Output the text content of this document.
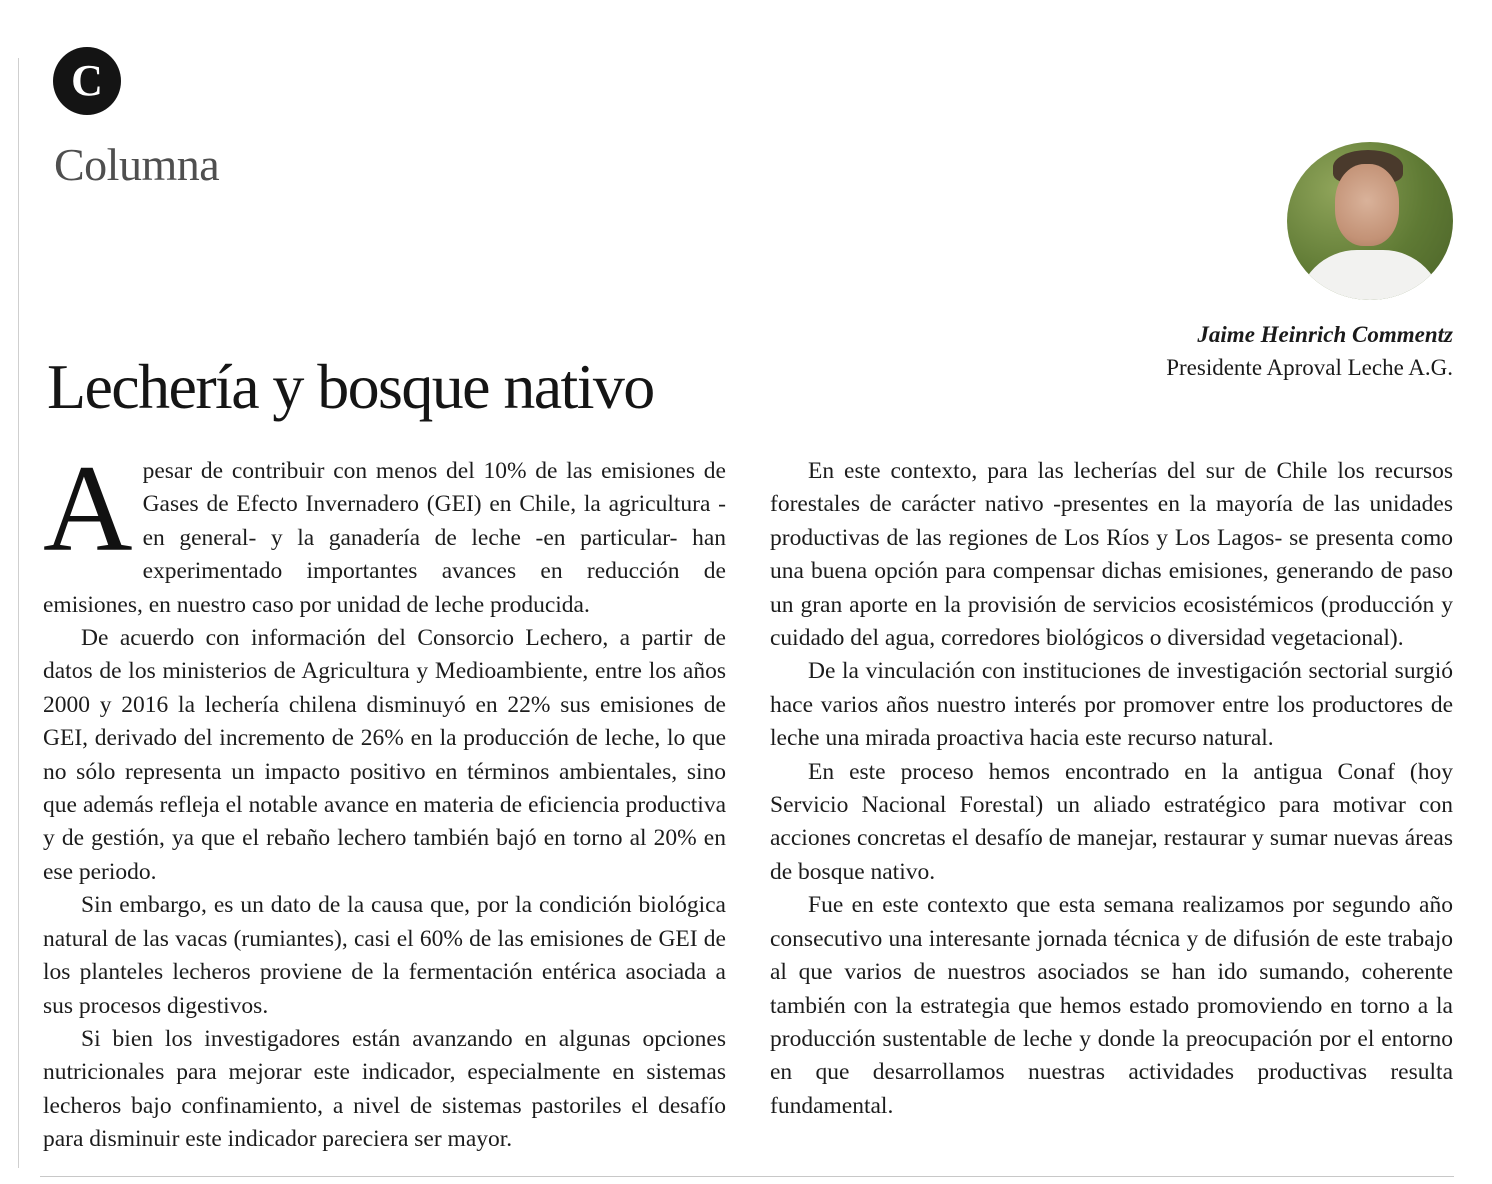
C
Columna
Jaime Heinrich Commentz
Presidente Aproval Leche A.G.
Lechería y bosque nativo

A pesar de contribuir con menos del 10% de las emisiones de Gases de Efecto Invernadero (GEI) en Chile, la agricultura -en general- y la ganadería de leche -en particular- han experimentado importantes avances en reducción de emisiones, en nuestro caso por unidad de leche producida.

De acuerdo con información del Consorcio Lechero, a partir de datos de los ministerios de Agricultura y Medioambiente, entre los años 2000 y 2016 la lechería chilena disminuyó en 22% sus emisiones de GEI, derivado del incremento de 26% en la producción de leche, lo que no sólo representa un impacto positivo en términos ambientales, sino que además refleja el notable avance en materia de eficiencia productiva y de gestión, ya que el rebaño lechero también bajó en torno al 20% en ese periodo.

Sin embargo, es un dato de la causa que, por la condición biológica natural de las vacas (rumiantes), casi el 60% de las emisiones de GEI de los planteles lecheros proviene de la fermentación entérica asociada a sus procesos digestivos.

Si bien los investigadores están avanzando en algunas opciones nutricionales para mejorar este indicador, especialmente en sistemas lecheros bajo confinamiento, a nivel de sistemas pastoriles el desafío para disminuir este indicador pareciera ser mayor.

En este contexto, para las lecherías del sur de Chile los recursos forestales de carácter nativo -presentes en la mayoría de las unidades productivas de las regiones de Los Ríos y Los Lagos- se presenta como una buena opción para compensar dichas emisiones, generando de paso un gran aporte en la provisión de servicios ecosistémicos (producción y cuidado del agua, corredores biológicos o diversidad vegetacional).

De la vinculación con instituciones de investigación sectorial surgió hace varios años nuestro interés por promover entre los productores de leche una mirada proactiva hacia este recurso natural.

En este proceso hemos encontrado en la antigua Conaf (hoy Servicio Nacional Forestal) un aliado estratégico para motivar con acciones concretas el desafío de manejar, restaurar y sumar nuevas áreas de bosque nativo.

Fue en este contexto que esta semana realizamos por segundo año consecutivo una interesante jornada técnica y de difusión de este trabajo al que varios de nuestros asociados se han ido sumando, coherente también con la estrategia que hemos estado promoviendo en torno a la producción sustentable de leche y donde la preocupación por el entorno en que desarrollamos nuestras actividades productivas resulta fundamental.
